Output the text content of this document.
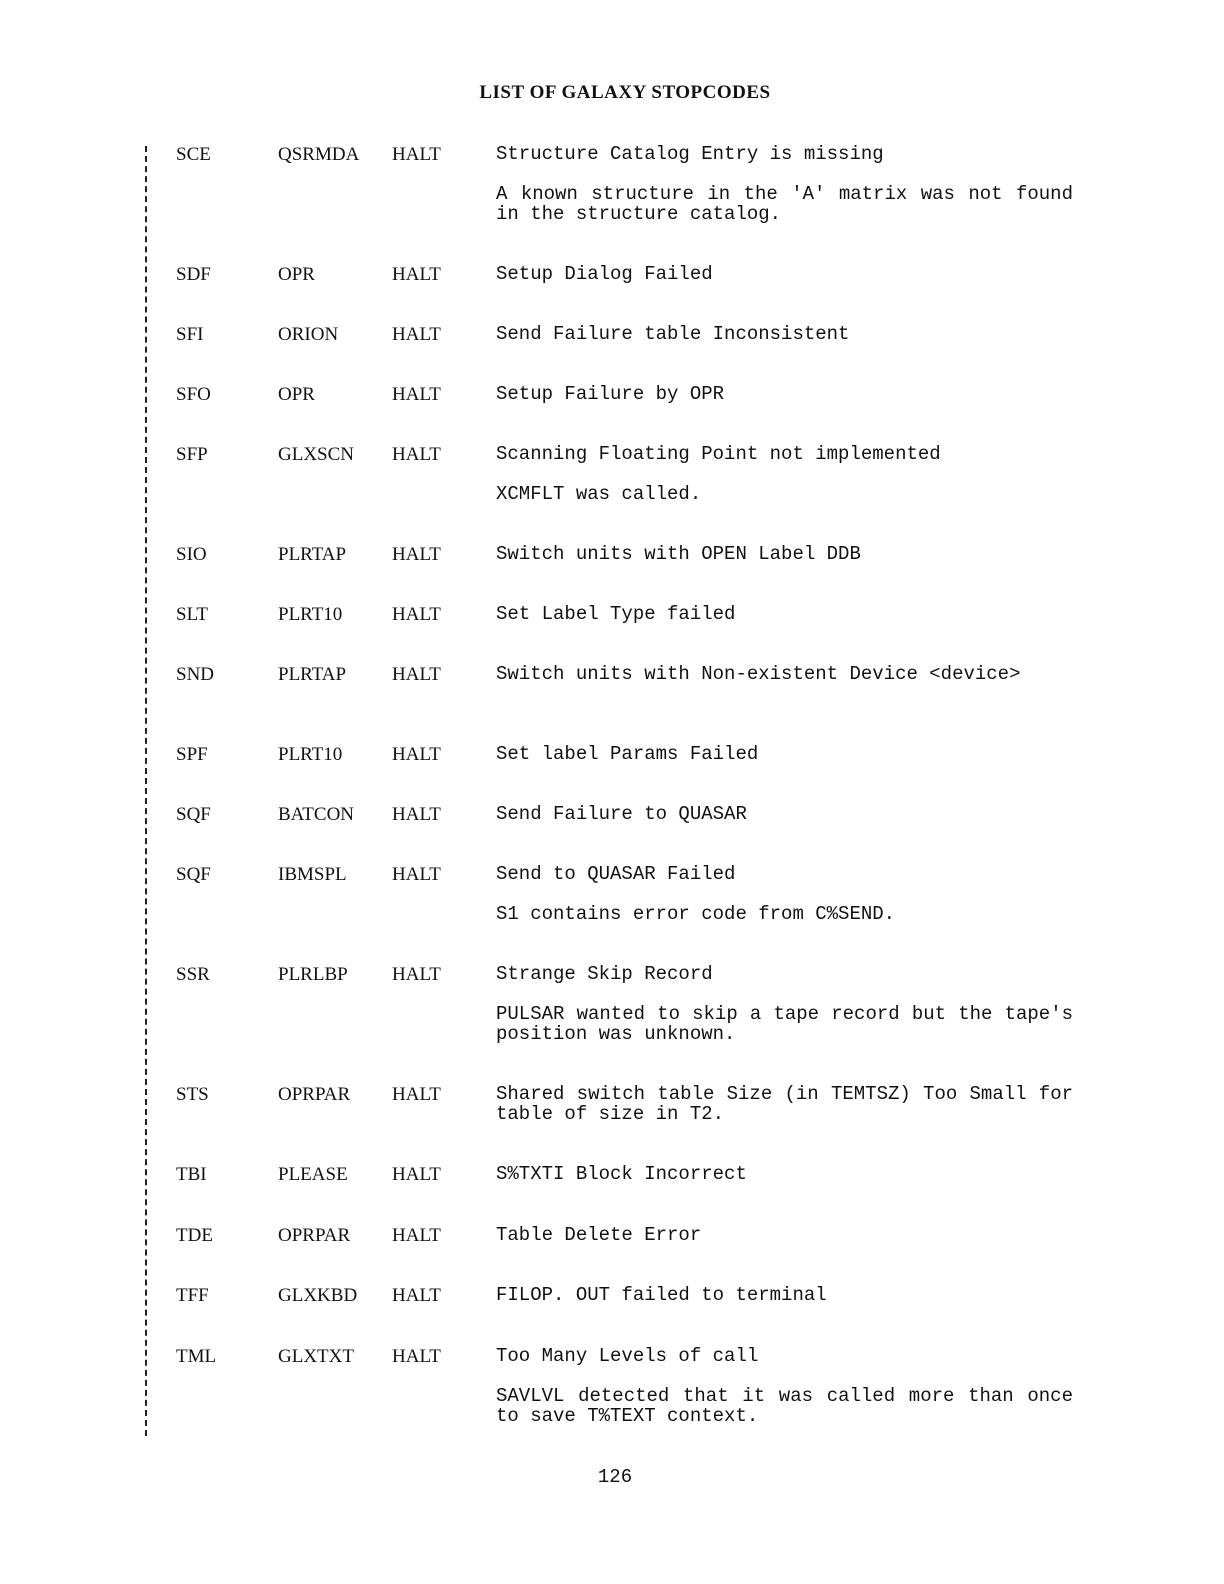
LIST OF GALAXY STOPCODES
SCE	QSRMDA HALT	Structure Catalog Entry is missing

A known structure in the 'A' matrix was not found in the structure catalog.

SDF	OPR	HALT	Setup Dialog Failed

SFI	ORION	HALT	Send Failure table Inconsistent

SFO	OPR	HALT	Setup Failure by OPR

SFP	GLXSCN HALT	Scanning Floating Point not implemented

XCMFLT was called.

SIO	PLRTAP HALT	Switch units with OPEN Label DDB

SLT	PLRT10	HALT	Set Label Type failed

SND	PLRTAP HALT	Switch units with Non-existent Device <device>

SPF	PLRT10	HALT	Set label Params Failed

SQF	BATCON HALT	Send Failure to QUASAR

SQF	IBMSPL HALT	Send to QUASAR Failed

S1 contains error code from C%SEND.

SSR	PLRLBP HALT	Strange Skip Record

PULSAR wanted to skip a tape record but the tape's position was unknown.

STS	OPRPAR HALT	Shared switch table Size (in TEMTSZ) Too Small for table of size in T2.

TBI	PLEASE HALT	S%TXTI Block Incorrect

TDE	OPRPAR HALT	Table Delete Error

TFF	GLXKBD HALT	FILOP. OUT failed to terminal

TML	GLXTXT HALT	Too Many Levels of call

SAVLVL detected that it was called more than once to save T%TEXT context.

126
